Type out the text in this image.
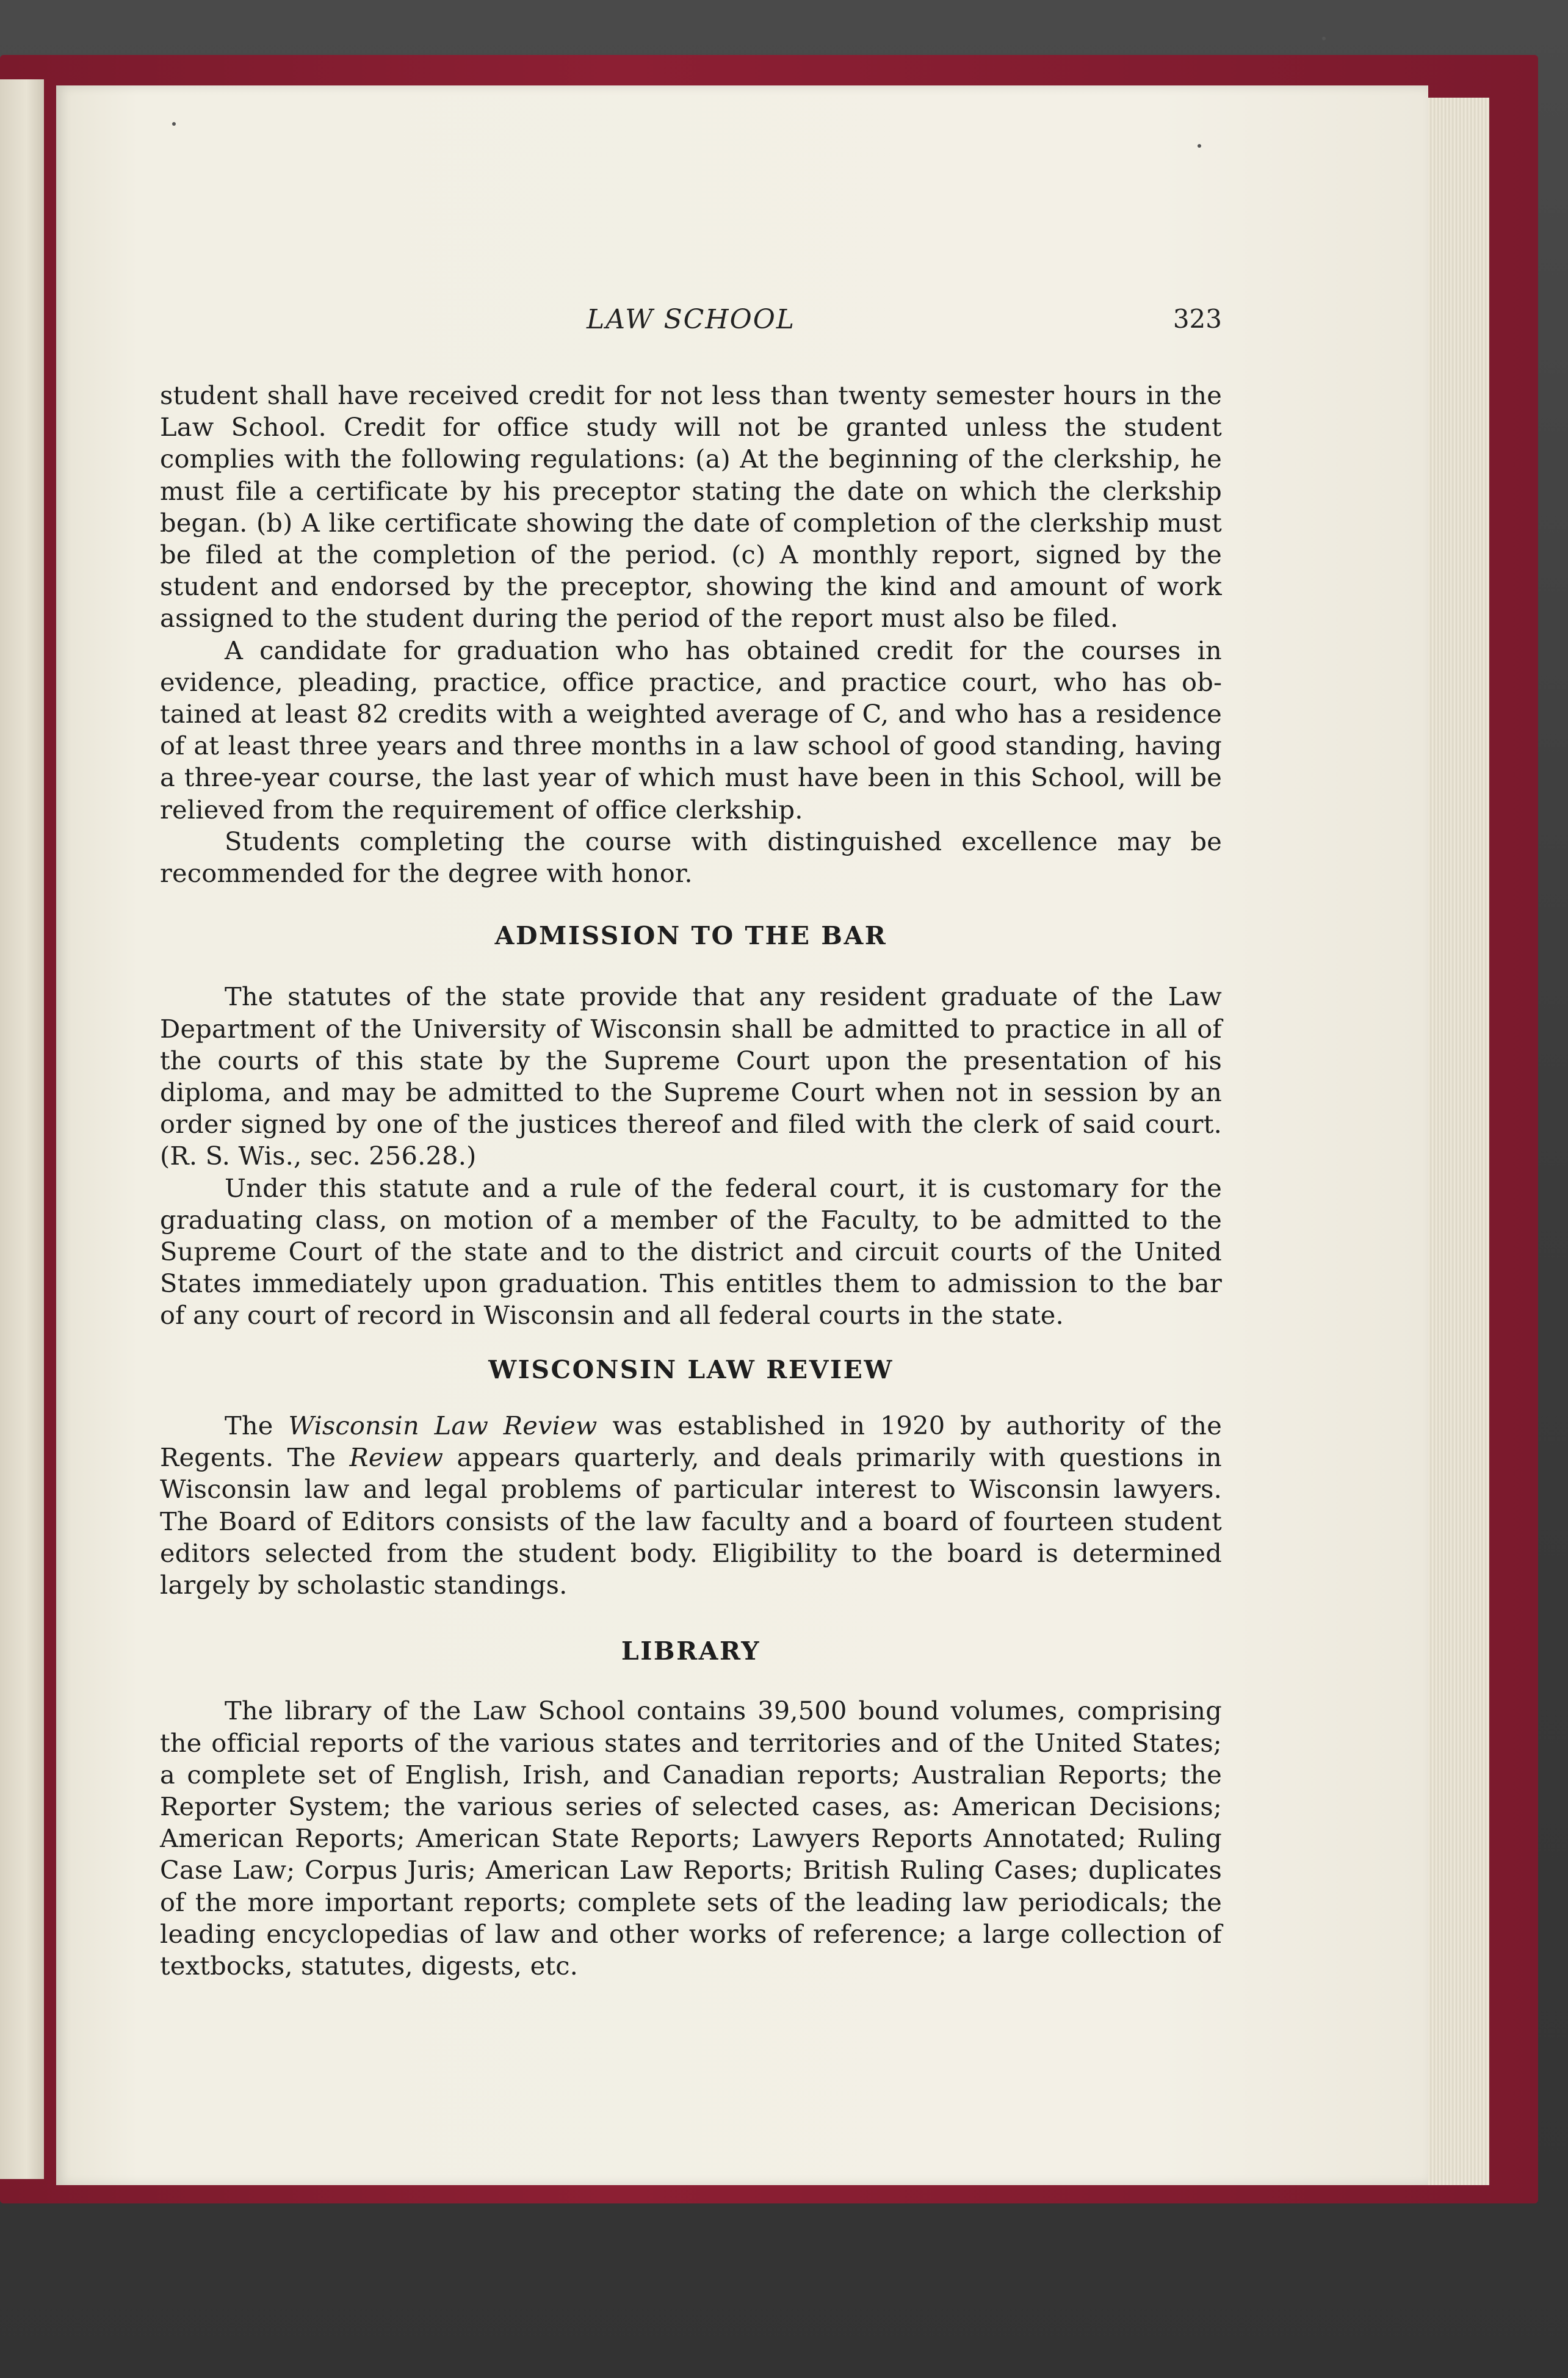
LAW SCHOOL	323

student shall have received credit for not less than twenty semester hours in the Law School. Credit for office study will not be granted unless the student complies with the following regulations: (a) At the beginning of the clerkship, he must file a certificate by his preceptor stating the date on which the clerkship began. (b) A like certificate showing the date of completion of the clerkship must be filed at the completion of the period. (c) A monthly report, signed by the student and endorsed by the preceptor, showing the kind and amount of work assigned to the student during the period of the report must also be filed.

A candidate for graduation who has obtained credit for the courses in evidence, pleading, practice, office practice, and practice court, who has obtained at least 82 credits with a weighted average of C, and who has a residence of at least three years and three months in a law school of good standing, having a three-year course, the last year of which must have been in this School, will be relieved from the requirement of office clerkship.

Students completing the course with distinguished excellence may be recommended for the degree with honor.

ADMISSION TO THE BAR

The statutes of the state provide that any resident graduate of the Law Department of the University of Wisconsin shall be admitted to practice in all of the courts of this state by the Supreme Court upon the presentation of his diploma, and may be admitted to the Supreme Court when not in session by an order signed by one of the justices thereof and filed with the clerk of said court. (R. S. Wis., sec. 256.28.)

Under this statute and a rule of the federal court, it is customary for the graduating class, on motion of a member of the Faculty, to be admitted to the Supreme Court of the state and to the district and circuit courts of the United States immediately upon graduation. This entitles them to admission to the bar of any court of record in Wisconsin and all federal courts in the state.

WISCONSIN LAW REVIEW

The Wisconsin Law Review was established in 1920 by authority of the Regents. The Review appears quarterly, and deals primarily with questions in Wisconsin law and legal problems of particular interest to Wisconsin lawyers. The Board of Editors consists of the law faculty and a board of fourteen student editors selected from the student body. Eligibility to the board is determined largely by scholastic standings.

LIBRARY

The library of the Law School contains 39,500 bound volumes, comprising the official reports of the various states and territories and of the United States; a complete set of English, Irish, and Canadian reports; Australian Reports; the Reporter System; the various series of selected cases, as: American Decisions; American Reports; American State Reports; Lawyers Reports Annotated; Ruling Case Law; Corpus Juris; American Law Reports; British Ruling Cases; duplicates of the more important reports; complete sets of the leading law periodicals; the leading encyclopedias of law and other works of reference; a large collection of textbocks, statutes, digests, etc.
